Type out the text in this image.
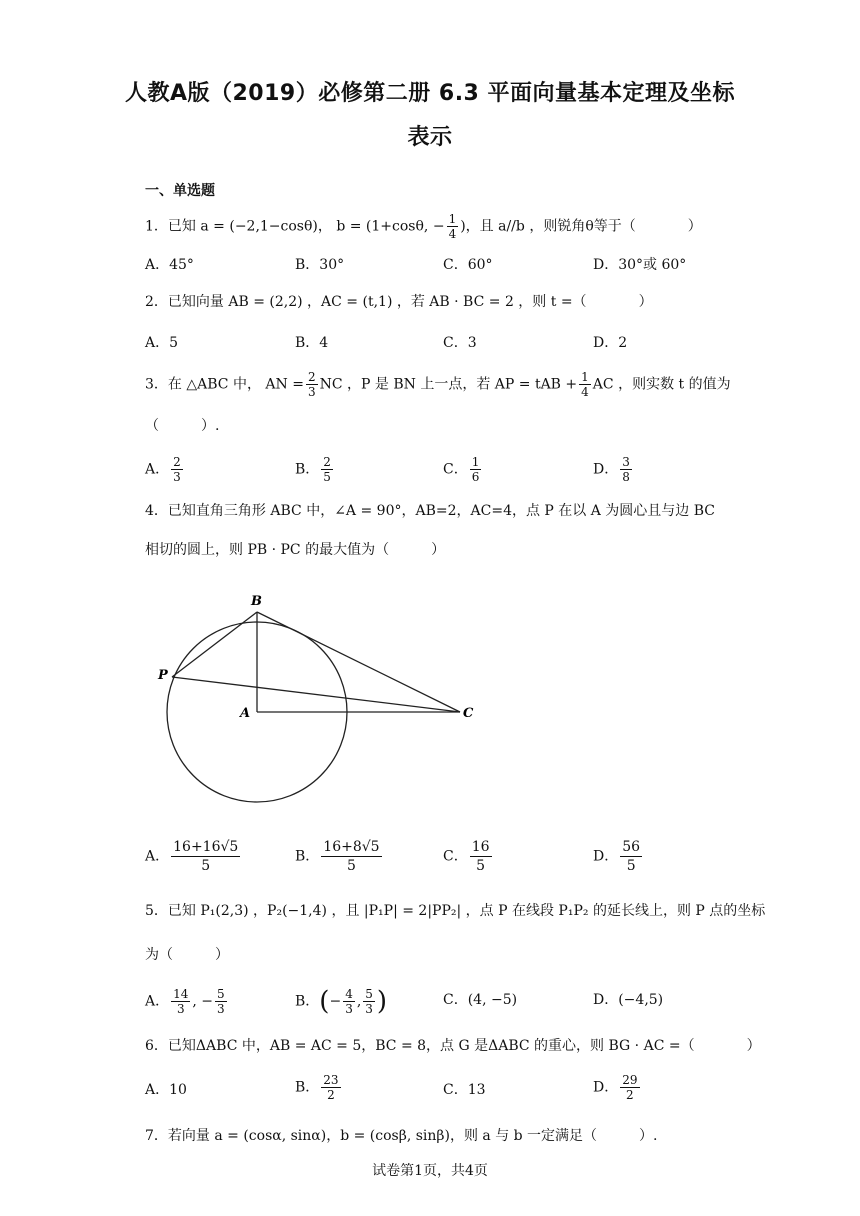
人教A版（2019）必修第二册 6.3 平面向量基本定理及坐标
表示
一、单选题
1．已知 a = (−2,1−cosθ)， b = (1+cosθ, − $\frac{1}{4}$ )，且 a//b ，则锐角θ等于（	）
A．45°	B．30°	C．60°	D．30°或 60°
2．已知向量 AB = (2,2) ，AC = (t,1) ，若 AB · BC = 2 ，则 t =（	）
A．5	B．4	C．3	D．2
3．在 △ABC 中， AN = $\frac{2}{3}$ NC ，P 是 BN 上一点，若 AP = tAB + $\frac{1}{4}$ AC ，则实数 t 的值为
（　　　）.
A． $\frac{2}{3}$	B． $\frac{2}{5}$	C． $\frac{1}{6}$	D． $\frac{3}{8}$
4．已知直角三角形 ABC 中，∠A = 90°，AB=2，AC=4，点 P 在以 A 为圆心且与边 BC
相切的圆上，则 PB · PC 的最大值为（　　　）
B
P
A	C
A． $\frac{16+16√5}{5}$	B． $\frac{16+8√5}{5}$	C． $\frac{16}{5}$	D． $\frac{56}{5}$
5．已知 P₁(2,3) ，P₂(−1,4) ，且 |P₁P| = 2|PP₂| ，点 P 在线段 P₁P₂ 的延长线上，则 P 点的坐标
为（　　　）
A． $\frac{14}{3}$ , − $\frac{5}{3}$	B．(− $\frac{4}{3}$ , $\frac{5}{3}$ )	C．(4, −5)	D．(−4,5)
6．已知ΔABC 中，AB = AC = 5，BC = 8，点 G 是ΔABC 的重心，则 BG · AC =（	）
A．10	B． $\frac{23}{2}$	C．13	D． $\frac{29}{2}$
7．若向量 a = (cosα, sinα)，b = (cosβ, sinβ)，则 a 与 b 一定满足（　　　）.
试卷第1页，共4页
